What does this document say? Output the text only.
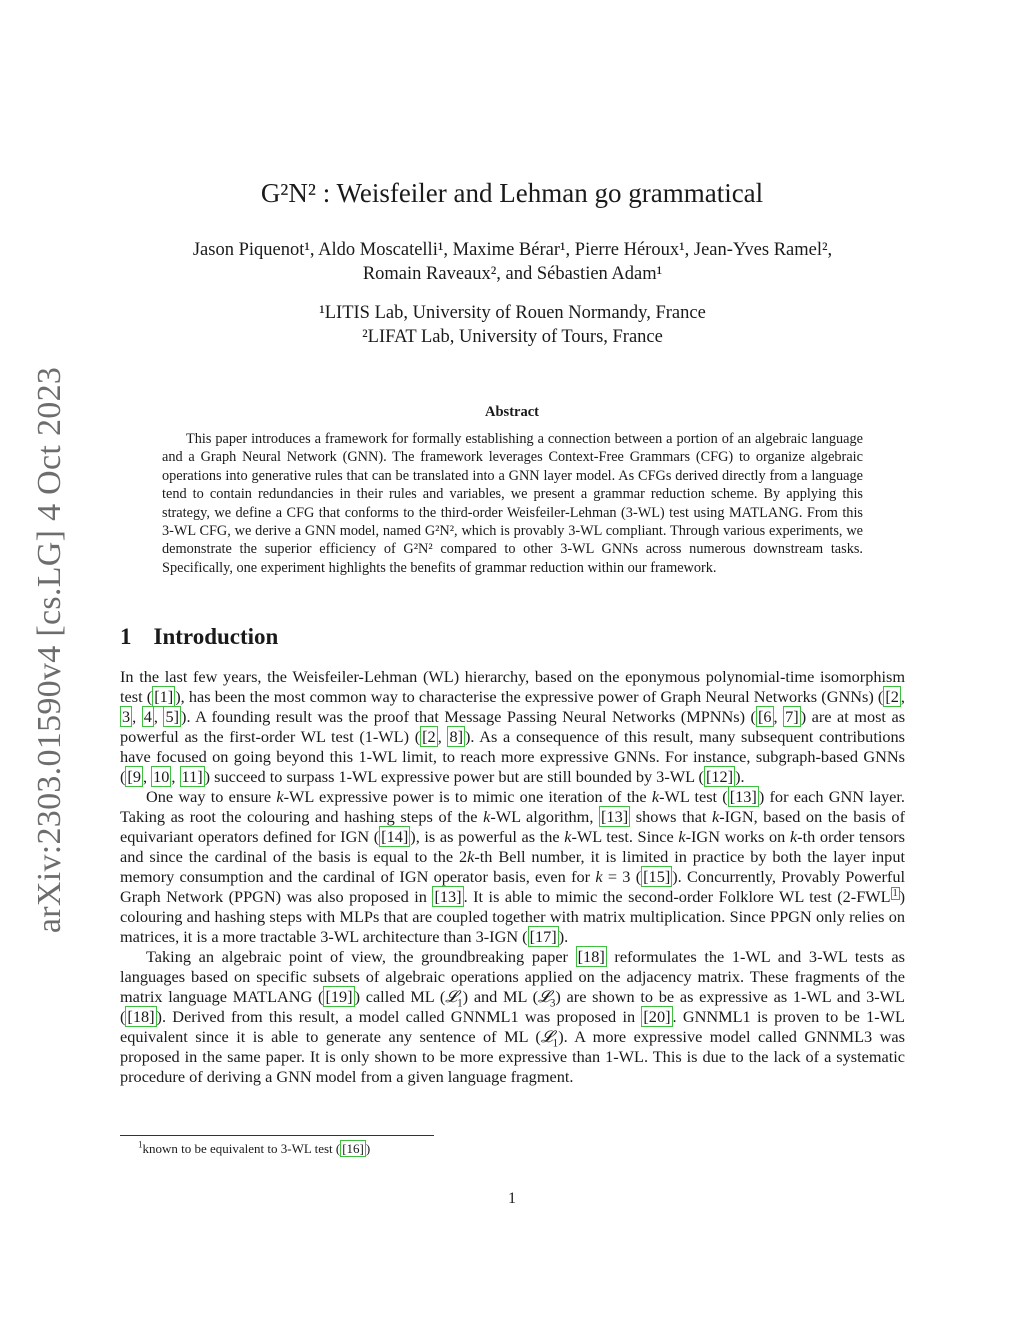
arXiv:2303.01590v4 [cs.LG] 4 Oct 2023
G²N² : Weisfeiler and Lehman go grammatical
Jason Piquenot¹, Aldo Moscatelli¹, Maxime Bérar¹, Pierre Héroux¹, Jean-Yves Ramel²,
Romain Raveaux², and Sébastien Adam¹
¹LITIS Lab, University of Rouen Normandy, France
²LIFAT Lab, University of Tours, France
Abstract

This paper introduces a framework for formally establishing a connection between a portion of an algebraic language and a Graph Neural Network (GNN). The framework leverages Context-Free Grammars (CFG) to organize algebraic operations into generative rules that can be translated into a GNN layer model. As CFGs derived directly from a language tend to contain redundancies in their rules and variables, we present a grammar reduction scheme. By applying this strategy, we define a CFG that conforms to the third-order Weisfeiler-Lehman (3-WL) test using MATLANG. From this 3-WL CFG, we derive a GNN model, named G²N², which is provably 3-WL compliant. Through various experiments, we demonstrate the superior efficiency of G²N² compared to other 3-WL GNNs across numerous downstream tasks. Specifically, one experiment highlights the benefits of grammar reduction within our framework.

1 Introduction

In the last few years, the Weisfeiler-Lehman (WL) hierarchy, based on the eponymous polynomial-time isomorphism test ( [1] ), has been the most common way to characterise the expressive power of Graph Neural Networks (GNNs) ( [2 , 3 , 4 , 5] ). A founding result was the proof that Message Passing Neural Networks (MPNNs) ( [6 , 7] ) are at most as powerful as the first-order WL test (1-WL) ( [2 , 8] ). As a consequence of this result, many subsequent contributions have focused on going beyond this 1-WL limit, to reach more expressive GNNs. For instance, subgraph-based GNNs ( [9 , 10 , 11] ) succeed to surpass 1-WL expressive power but are still bounded by 3-WL ( [12] ).

One way to ensure k-WL expressive power is to mimic one iteration of the k-WL test ( [13] ) for each GNN layer. Taking as root the colouring and hashing steps of the k-WL algorithm, [13] shows that k-IGN, based on the basis of equivariant operators defined for IGN ( [14] ), is as powerful as the k-WL test. Since k-IGN works on k-th order tensors and since the cardinal of the basis is equal to the 2k-th Bell number, it is limited in practice by both the layer input memory consumption and the cardinal of IGN operator basis, even for k = 3 ( [15] ). Concurrently, Provably Powerful Graph Network (PPGN) was also proposed in [13] . It is able to mimic the second-order Folklore WL test (2-FWL $^1$ ) colouring and hashing steps with MLPs that are coupled together with matrix multiplication. Since PPGN only relies on matrices, it is a more tractable 3-WL architecture than 3-IGN ( [17] ).

Taking an algebraic point of view, the groundbreaking paper [18] reformulates the 1-WL and 3-WL tests as languages based on specific subsets of algebraic operations applied on the adjacency matrix. These fragments of the matrix language MATLANG ( [19] ) called ML (𝓛$_1$) and ML (𝓛$_3$) are shown to be as expressive as 1-WL and 3-WL ( [18] ). Derived from this result, a model called GNNML1 was proposed in [20] . GNNML1 is proven to be 1-WL equivalent since it is able to generate any sentence of ML (𝓛$_1$). A more expressive model called GNNML3 was proposed in the same paper. It is only shown to be more expressive than 1-WL. This is due to the lack of a systematic procedure of deriving a GNN model from a given language fragment.

$^1$known to be equivalent to 3-WL test ( [16] )
1
